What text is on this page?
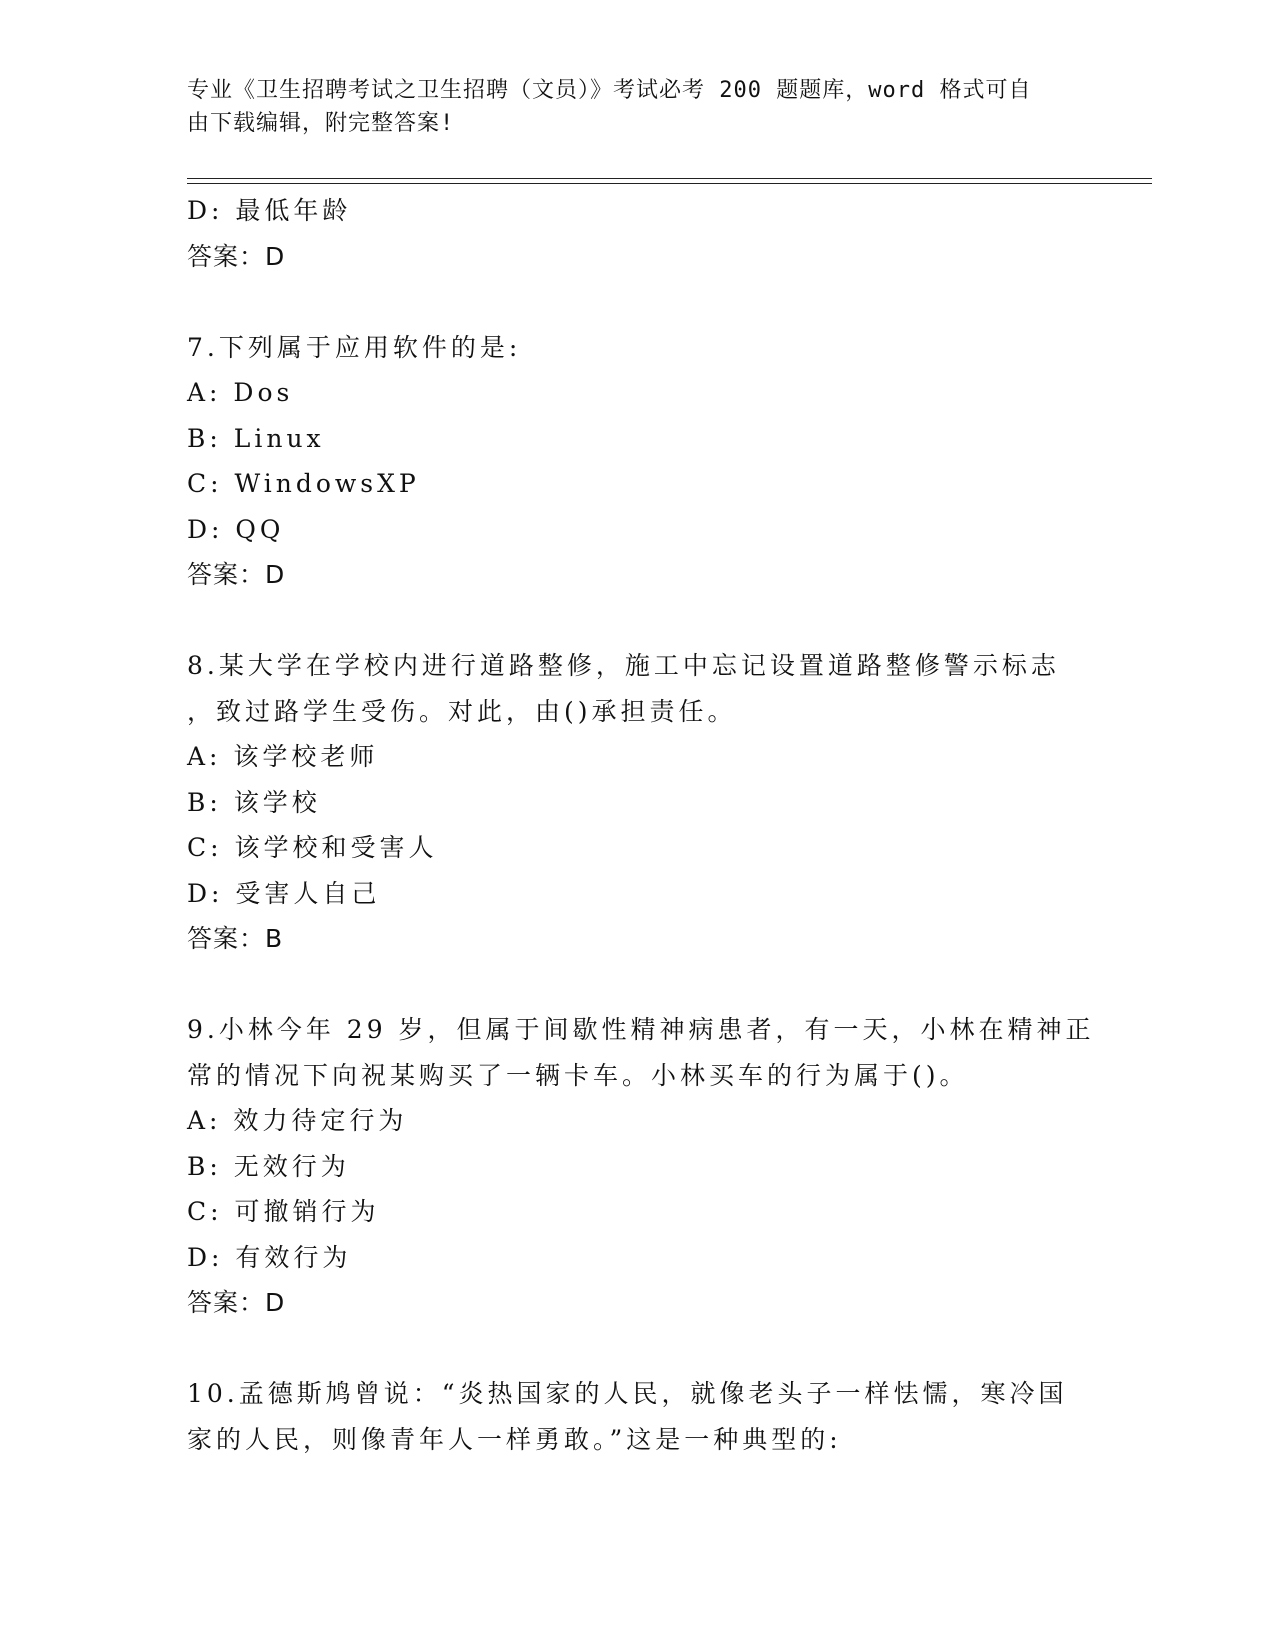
专业《卫生招聘考试之卫生招聘（文员）》考试必考 200 题题库，word 格式可自
由下载编辑，附完整答案!
D: 最低年龄
答案：D
7.下列属于应用软件的是:
A: Dos
B: Linux
C: WindowsXP
D: QQ
答案：D
8.某大学在学校内进行道路整修，施工中忘记设置道路整修警示标志
，致过路学生受伤。对此，由()承担责任。
A: 该学校老师
B: 该学校
C: 该学校和受害人
D: 受害人自己
答案：B
9.小林今年 29 岁，但属于间歇性精神病患者，有一天，小林在精神正
常的情况下向祝某购买了一辆卡车。小林买车的行为属于()。
A: 效力待定行为
B: 无效行为
C: 可撤销行为
D: 有效行为
答案：D
10.孟德斯鸠曾说：“炎热国家的人民，就像老头子一样怯懦，寒冷国
家的人民，则像青年人一样勇敢。”这是一种典型的:
